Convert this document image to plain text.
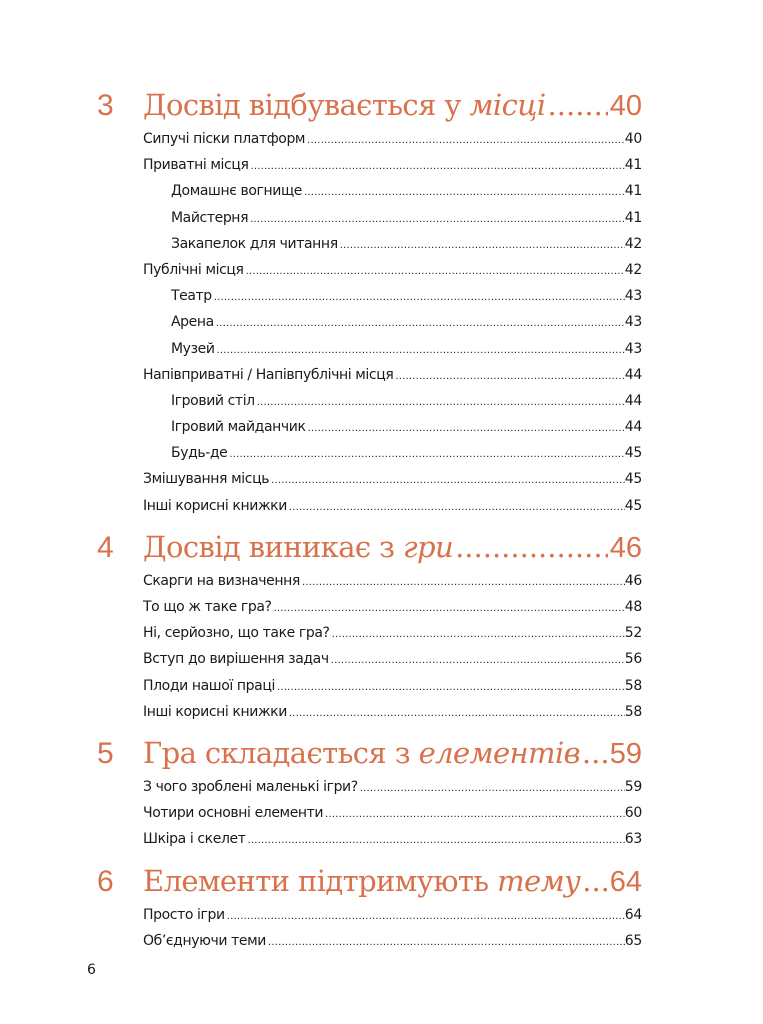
3	Досвід відбувається у місці ..... 40
Сипучі піски платформ .....	40
Приватні місця .....	41
Домашнє вогнище .....	41
Майстерня .....	41
Закапелок для читання .....	42
Публічні місця .....	42
Театр .....	43
Арена .....	43
Музей .....	43
Напівприватні / Напівпублічні місця .....	44
Ігровий стіл .....	44
Ігровий майданчик .....	44
Будь-де .....	45
Змішування місць .....	45
Інші корисні книжки .....	45
4	Досвід виникає з гри .....	46
Скарги на визначення .....	46
То що ж таке гра? .....	48
Ні, серйозно, що таке гра? .....	52
Вступ до вирішення задач .....	56
Плоди нашої праці .....	58
Інші корисні книжки .....	58
5	Гра складається з елементів ..... 59
З чого зроблені маленькі ігри? .....	59
Чотири основні елементи .....	60
Шкіра і скелет .....	63
6	Елементи підтримують тему ..... 64
Просто ігри .....	64
Об’єднуючи теми .....	65
6
